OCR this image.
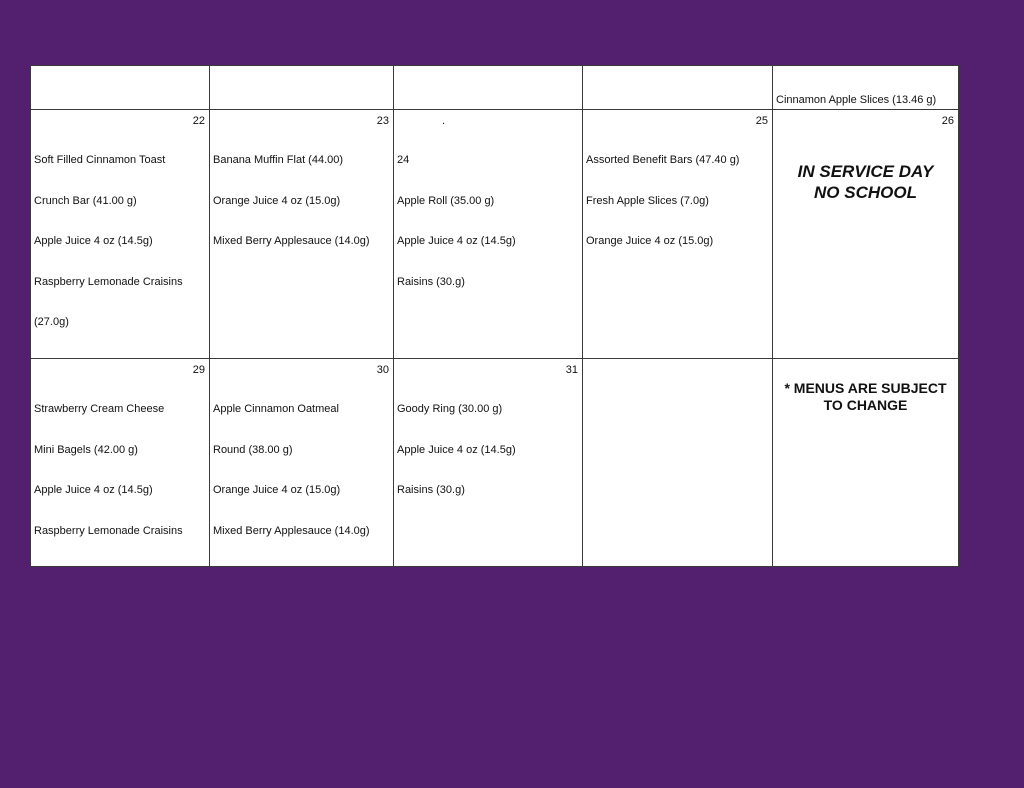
Cinnamon Apple Slices (13.46 g)

22

Soft Filled Cinnamon Toast

Crunch Bar (41.00 g)

Apple Juice 4 oz (14.5g)

Raspberry Lemonade Craisins

(27.0g)

23

Banana Muffin Flat (44.00)

Orange Juice 4 oz (15.0g)

Mixed Berry Applesauce (14.0g)

.

24

Apple Roll (35.00 g)

Apple Juice 4 oz (14.5g)

Raisins (30.g)

25

Assorted Benefit Bars (47.40 g)

Fresh Apple Slices (7.0g)

Orange Juice 4 oz (15.0g)

26
IN SERVICE DAY
NO SCHOOL
29

Strawberry Cream Cheese

Mini Bagels (42.00 g)

Apple Juice 4 oz (14.5g)

Raspberry Lemonade Craisins

30

Apple Cinnamon Oatmeal

Round (38.00 g)

Orange Juice 4 oz (15.0g)

Mixed Berry Applesauce (14.0g)

31

Goody Ring (30.00 g)

Apple Juice 4 oz (14.5g)

Raisins (30.g)

* MENUS ARE SUBJECT
TO CHANGE
